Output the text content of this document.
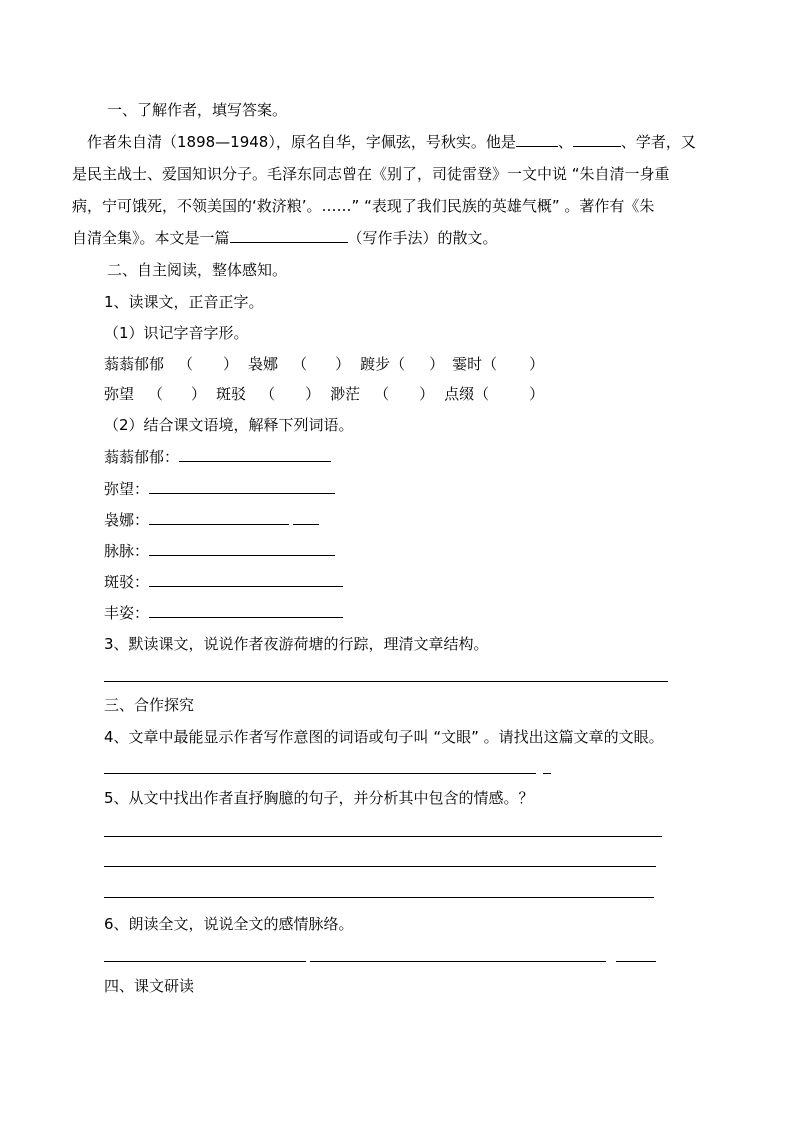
一、了解作者，填写答案。
作者朱自清（1898—1948），原名自华，字佩弦，号秋实。他是	、	、学者，又
是民主战士、爱国知识分子。毛泽东同志曾在《别了，司徒雷登》一文中说 “朱自清一身重
病，宁可饿死，不领美国的‘救济粮’。……” “表现了我们民族的英雄气概” 。著作有《朱
自清全集》。本文是一篇	（写作手法）的散文。
二、自主阅读，整体感知。
1、读课文，正音正字。
（1）识记字音字形。
蓊蓊郁郁 （ ） 袅娜 （ ） 踱步（ ） 霎时（ ）
弥望 （ ） 斑驳 （ ） 渺茫 （ ） 点缀（	）
（2）结合课文语境，解释下列词语。
蓊蓊郁郁：
弥望：
袅娜：
脉脉：
斑驳：
丰姿：
3、默读课文，说说作者夜游荷塘的行踪，理清文章结构。
三、合作探究
4、文章中最能显示作者写作意图的词语或句子叫 “文眼” 。请找出这篇文章的文眼。
5、从文中找出作者直抒胸臆的句子，并分析其中包含的情感。？
6、朗读全文，说说全文的感情脉络。
四、课文研读
